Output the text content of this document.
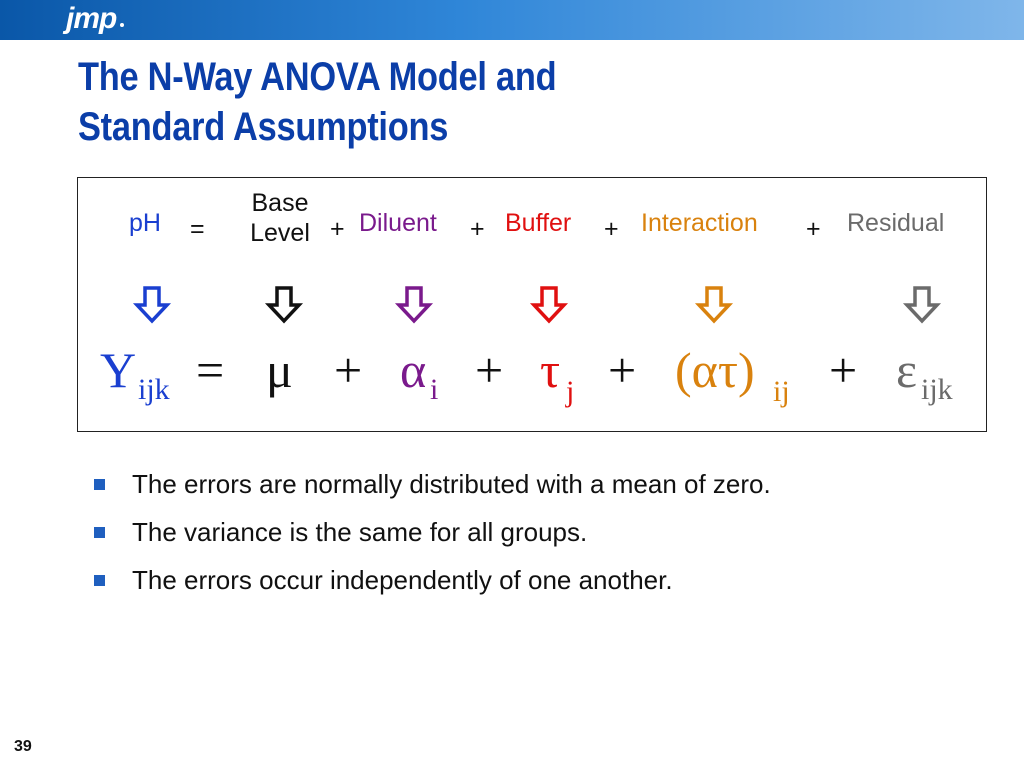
jmp
The N-Way ANOVA Model and
Standard Assumptions
pH =
Base
Level + Diluent + Buffer + Interaction + Residual
Y ijk = μ + α i + τ j + (ατ) ij + ε ijk
The errors are normally distributed with a mean of zero.
The variance is the same for all groups.
The errors occur independently of one another.
39
